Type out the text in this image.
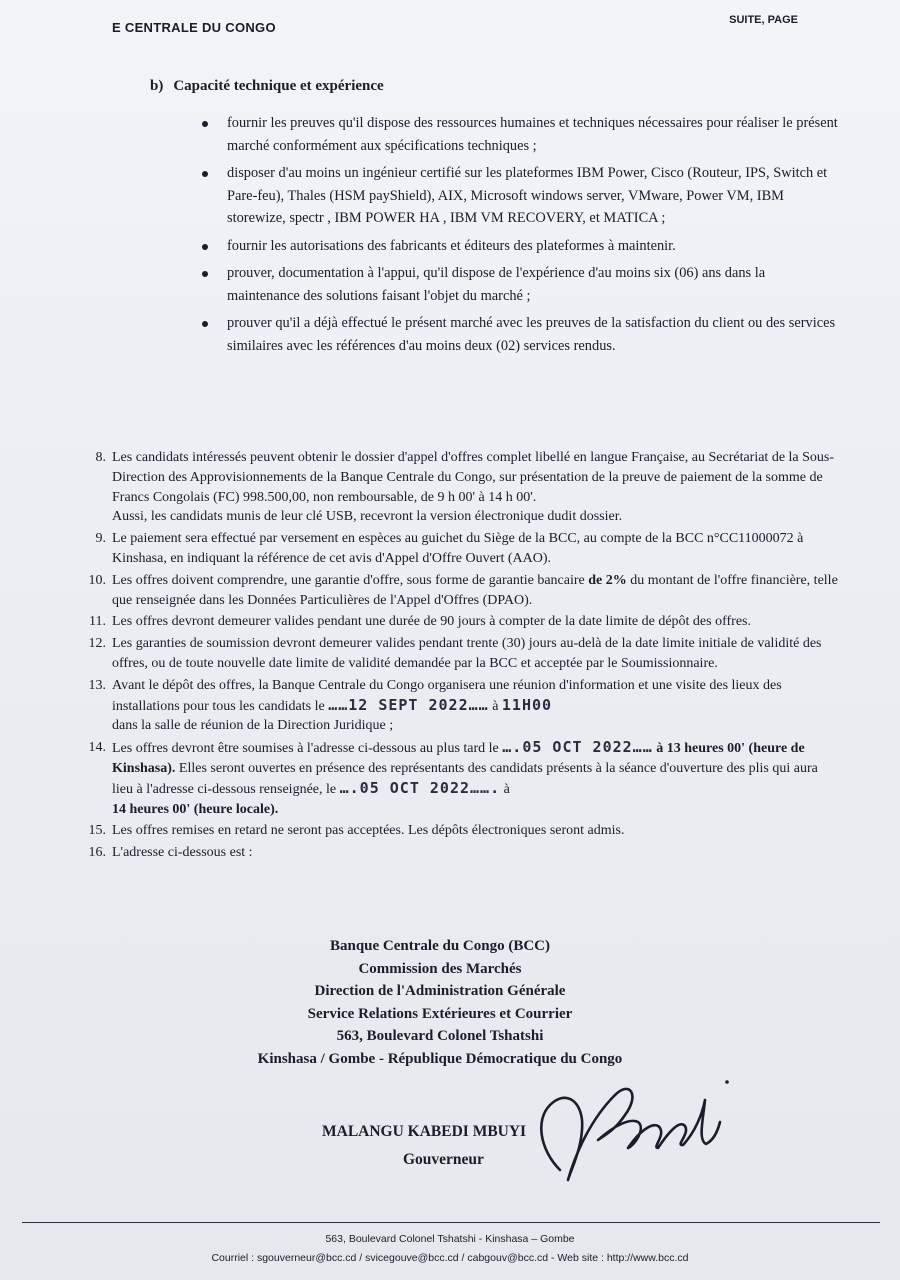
E CENTRALE DU CONGO	SUITE, PAGE
b) Capacité technique et expérience
fournir les preuves qu'il dispose des ressources humaines et techniques nécessaires pour réaliser le présent marché conformément aux spécifications techniques ;
disposer d'au moins un ingénieur certifié sur les plateformes IBM Power, Cisco (Routeur, IPS, Switch et Pare-feu), Thales (HSM payShield), AIX, Microsoft windows server, VMware, Power VM, IBM storewize, spectr , IBM POWER HA , IBM VM RECOVERY, et MATICA ;
fournir les autorisations des fabricants et éditeurs des plateformes à maintenir.
prouver, documentation à l'appui, qu'il dispose de l'expérience d'au moins six (06) ans dans la maintenance des solutions faisant l'objet du marché ;
prouver qu'il a déjà effectué le présent marché avec les preuves de la satisfaction du client ou des services similaires avec les références d'au moins deux (02) services rendus.
8. Les candidats intéressés peuvent obtenir le dossier d'appel d'offres complet libellé en langue Française, au Secrétariat de la Sous-Direction des Approvisionnements de la Banque Centrale du Congo, sur présentation de la preuve de paiement de la somme de Francs Congolais (FC) 998.500,00, non remboursable, de 9 h 00' à 14 h 00'.
Aussi, les candidats munis de leur clé USB, recevront la version électronique dudit dossier.
9. Le paiement sera effectué par versement en espèces au guichet du Siège de la BCC, au compte de la BCC n°CC11000072 à Kinshasa, en indiquant la référence de cet avis d'Appel d'Offre Ouvert (AAO).
10. Les offres doivent comprendre, une garantie d'offre, sous forme de garantie bancaire de 2% du montant de l'offre financière, telle que renseignée dans les Données Particulières de l'Appel d'Offres (DPAO).
11. Les offres devront demeurer valides pendant une durée de 90 jours à compter de la date limite de dépôt des offres.
12. Les garanties de soumission devront demeurer valides pendant trente (30) jours au-delà de la date limite initiale de validité des offres, ou de toute nouvelle date limite de validité demandée par la BCC et acceptée par le Soumissionnaire.
13. Avant le dépôt des offres, la Banque Centrale du Congo organisera une réunion d'information et une visite des lieux des installations pour tous les candidats le ……12 SEPT 2022…… à 11H00
dans la salle de réunion de la Direction Juridique ;
14. Les offres devront être soumises à l'adresse ci-dessous au plus tard le ….05 OCT 2022…… à 13 heures 00' (heure de Kinshasa). Elles seront ouvertes en présence des représentants des candidats présents à la séance d'ouverture des plis qui aura lieu à l'adresse ci-dessous renseignée, le ….05 OCT 2022……. à
14 heures 00' (heure locale).
15. Les offres remises en retard ne seront pas acceptées. Les dépôts électroniques seront admis.
16. L'adresse ci-dessous est :
Banque Centrale du Congo (BCC)
Commission des Marchés
Direction de l'Administration Générale
Service Relations Extérieures et Courrier
563, Boulevard Colonel Tshatshi
Kinshasa / Gombe - République Démocratique du Congo
MALANGU KABEDI MBUYI
Gouverneur
563, Boulevard Colonel Tshatshi - Kinshasa – Gombe
Courriel : sgouverneur@bcc.cd / svicegouve@bcc.cd / cabgouv@bcc.cd - Web site : http://www.bcc.cd
